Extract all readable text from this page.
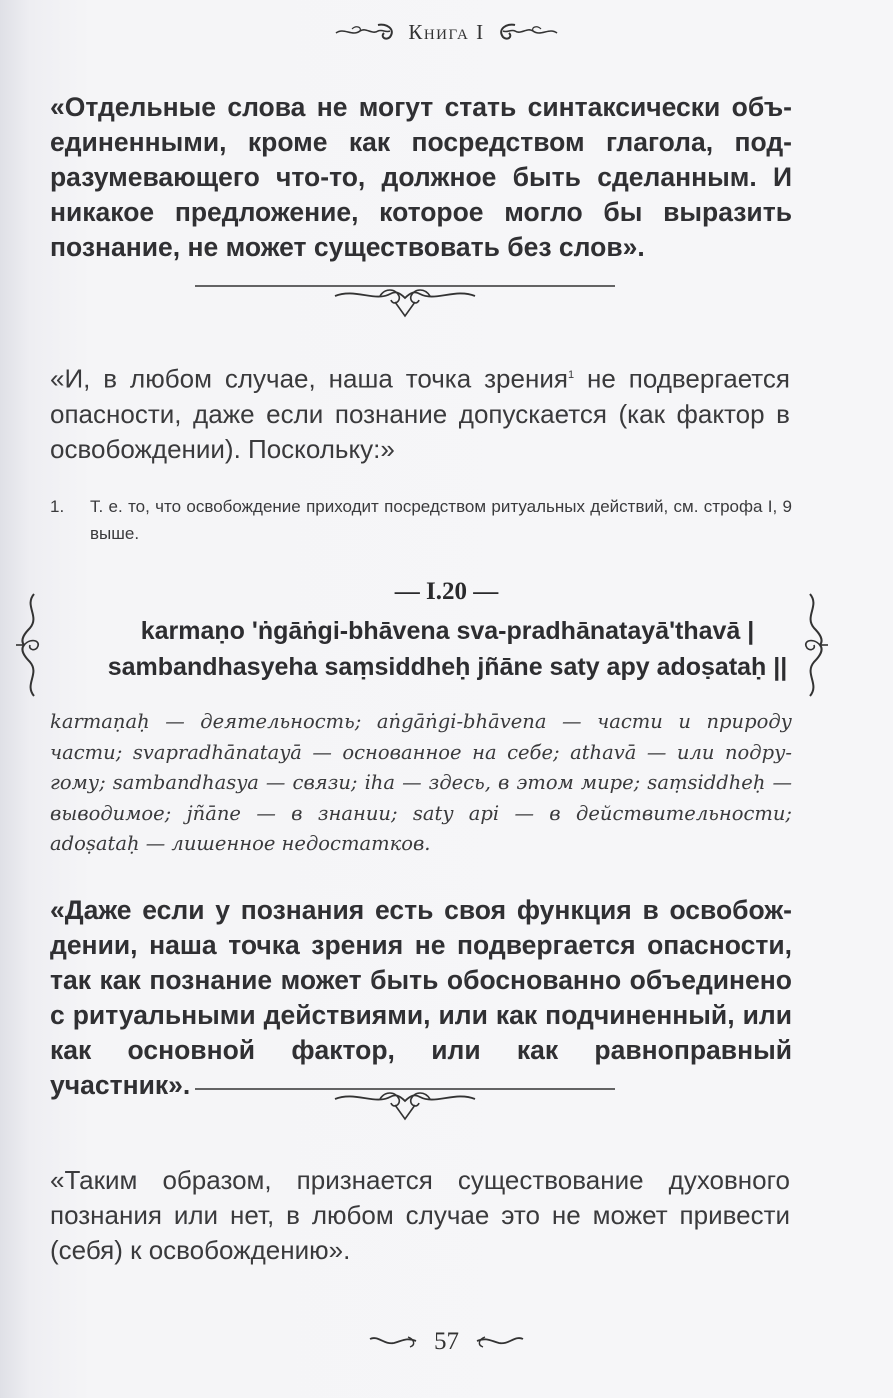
Книга I

«Отдельные слова не могут стать синтаксически объединенными, кроме как посредством глагола, подразумевающего что-то, должное быть сделанным. И никакое предложение, которое могло бы выразить познание, не может существовать без слов».

«И, в любом случае, наша точка зрения$^1$ не подвергается опасности, даже если познание допускается (как фактор в освобождении). Поскольку:»

1.	Т. е. то, что освобождение приходит посредством ритуальных действий, см. строфа I, 9 выше.
— I.20 —
karmaṇo 'ṅgāṅgi-bhāvena sva-pradhānatayā'thavā |
sambandhasyeha saṃsiddheḥ jñāne saty apy adoṣataḥ ||

karmaṇaḥ — деятельность; aṅgāṅgi-bhāvena — части и природу части; svapradhānatayā — основанное на себе; athavā — или подругому; sambandhasya — связи; iha — здесь, в этом мире; saṃsiddheḥ — выводимое; jñāne — в знании; saty api — в действительности; adoṣataḥ — лишенное недостатков.

«Даже если у познания есть своя функция в освобождении, наша точка зрения не подвергается опасности, так как познание может быть обоснованно объединено с ритуальными действиями, или как подчиненный, или как основной фактор, или как равноправный участник».

«Таким образом, признается существование духовного познания или нет, в любом случае это не может привести (себя) к освобождению».

57
